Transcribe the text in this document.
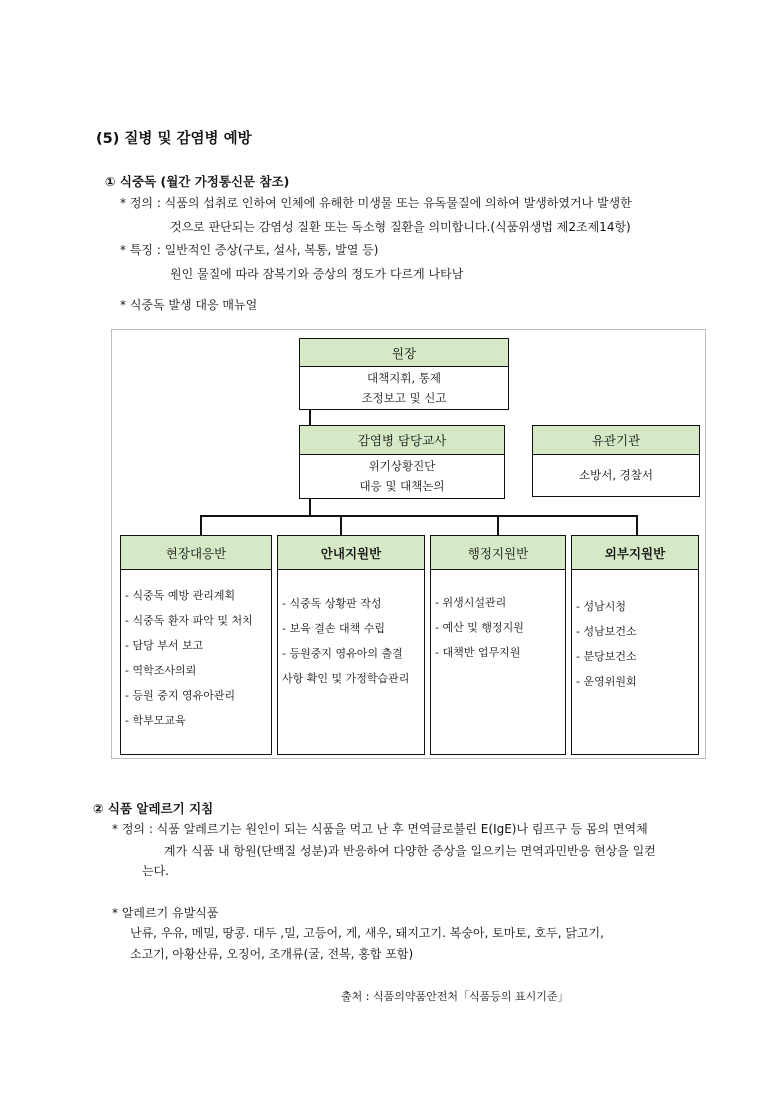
(5) 질병 및 감염병 예방
① 식중독 (월간 가정통신문 참조)
* 정의 : 식품의 섭취로 인하여 인체에 유해한 미생물 또는 유독물질에 의하여 발생하였거나 발생한
것으로 판단되는 감염성 질환 또는 독소형 질환을 의미합니다.(식품위생법 제2조제14항)
* 특징 : 일반적인 증상(구토, 설사, 복통, 발열 등)
원인 물질에 따라 잠복기와 증상의 정도가 다르게 나타남
* 식중독 발생 대응 매뉴얼
원장
대책지휘, 통제
조정보고 및 신고
감염병 담당교사
위기상황진단
대응 및 대책논의
유관기관
소방서, 경찰서
현장대응반
- 식중독 예방 관리계획
- 식중독 환자 파악 및 처치
- 담당 부서 보고
- 역학조사의뢰
- 등원 중지 영유아관리
- 학부모교육
안내지원반
- 식중독 상황판 작성
- 보육 결손 대책 수립
- 등원중지 영유아의 출결
사항 확인 및 가정학습관리
행정지원반
- 위생시설관리
- 예산 및 행정지원
- 대책반 업무지원
외부지원반
- 성남시청
- 성남보건소
- 분당보건소
- 운영위원회
② 식품 알레르기 지침
* 정의 : 식품 알레르기는 원인이 되는 식품을 먹고 난 후 면역글로불린 E(IgE)나 림프구 등 몸의 면역체
계가 식품 내 항원(단백질 성분)과 반응하여 다양한 증상을 일으키는 면역과민반응 현상을 일컫
는다.
* 알레르기 유발식품
난류, 우유, 메밀, 땅콩. 대두 ,밀, 고등어, 게, 새우, 돼지고기. 복숭아, 토마토, 호두, 닭고기,
소고기, 아황산류, 오징어, 조개류(굴, 전복, 홍합 포함)
출처 : 식품의약품안전처「식품등의 표시기준」
